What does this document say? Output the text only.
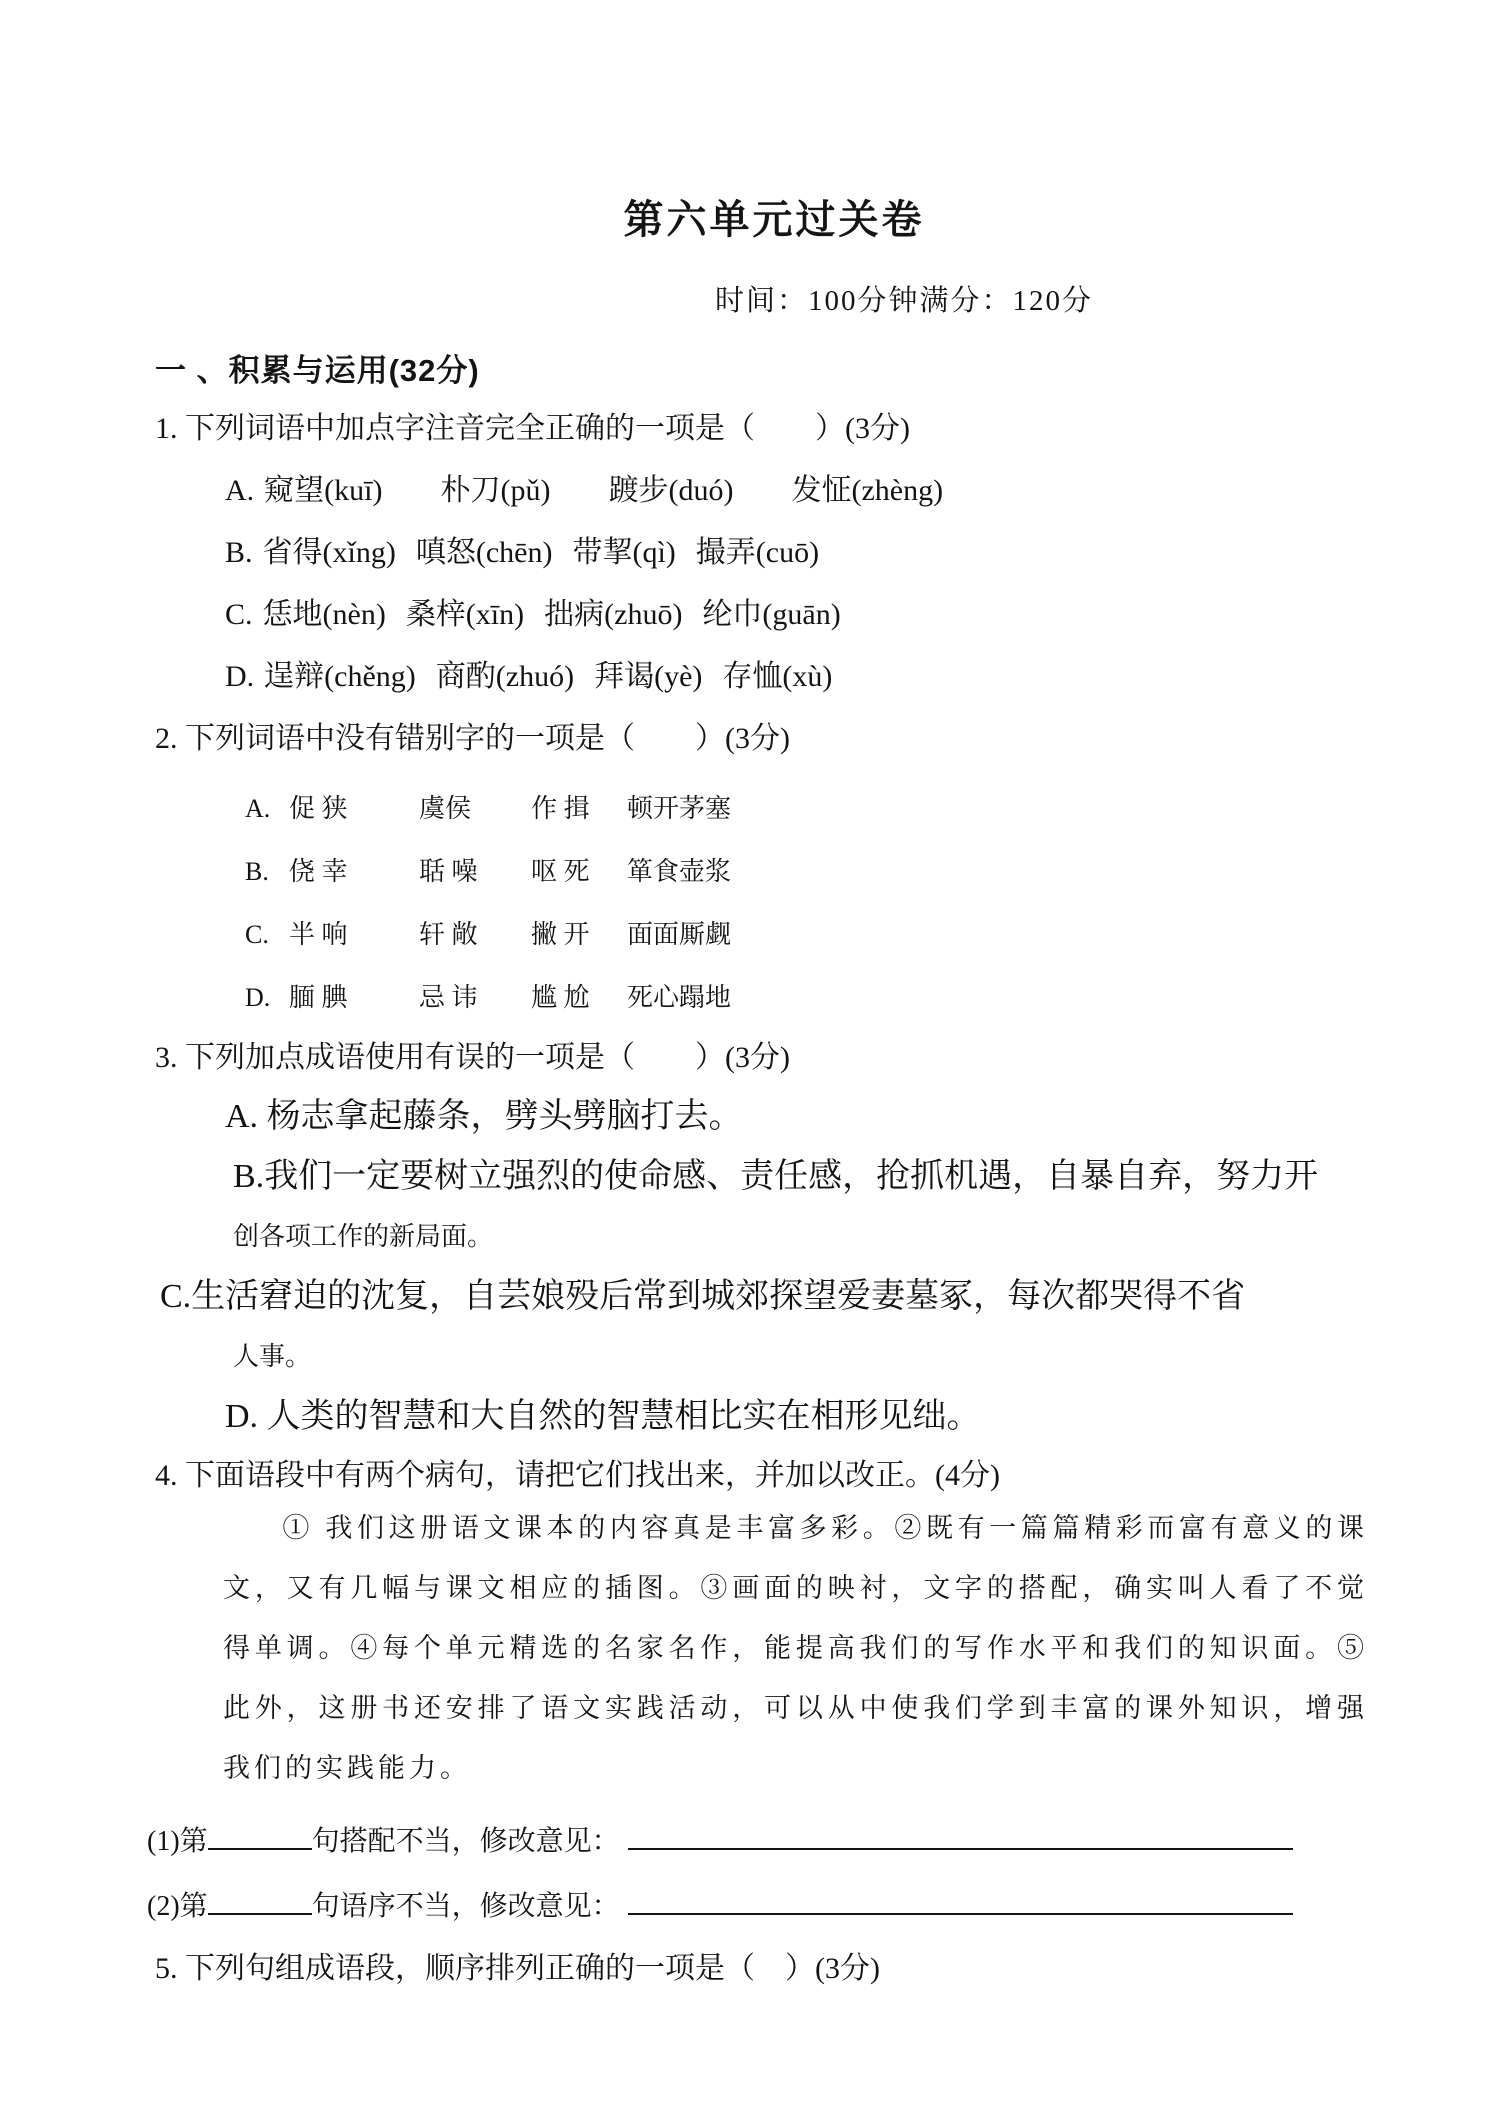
第六单元过关卷
时间：100分钟满分：120分
一 、积累与运用(32分)

1. 下列词语中加点字注音完全正确的一项是（　　）(3分)

A. 窥望(kuī) 朴刀(pǔ) 踱步(duó) 发怔(zhèng)
B. 省得(xǐng) 嗔怒(chēn) 带挈(qì) 撮弄(cuō)
C. 恁地(nèn) 桑梓(xīn) 拙病(zhuō) 纶巾(guān)
D. 逞辩(chěng) 商酌(zhuó) 拜谒(yè) 存恤(xù)

2. 下列词语中没有错别字的一项是（　　）(3分)

A. 促 狭	虞侯	作 揖	顿开茅塞
B. 侥 幸	聒 噪	呕 死	箪食壶浆
C. 半 响	轩 敞	撇 开	面面厮觑
D. 腼 腆	忌 讳	尴 尬	死心蹋地

3. 下列加点成语使用有误的一项是（　　）(3分)

A. 杨志拿起藤条，劈头劈脑打去。
B.我们一定要树立强烈的使命感、责任感，抢抓机遇，自暴自弃，努力开
创各项工作的新局面。
C.生活窘迫的沈复，自芸娘殁后常到城郊探望爱妻墓冢，每次都哭得不省
人事。
D. 人类的智慧和大自然的智慧相比实在相形见绌。

4. 下面语段中有两个病句，请把它们找出来，并加以改正。(4分)

① 我们这册语文课本的内容真是丰富多彩。②既有一篇篇精彩而富有意义的课文，又有几幅与课文相应的插图。③画面的映衬，文字的搭配，确实叫人看了不觉得单调。④每个单元精选的名家名作，能提高我们的写作水平和我们的知识面。⑤此外，这册书还安排了语文实践活动，可以从中使我们学到丰富的课外知识，增强我们的实践能力。
(1)第	句搭配不当，修改意见：
(2)第	句语序不当，修改意见：

5. 下列句组成语段，顺序排列正确的一项是（　）(3分)
